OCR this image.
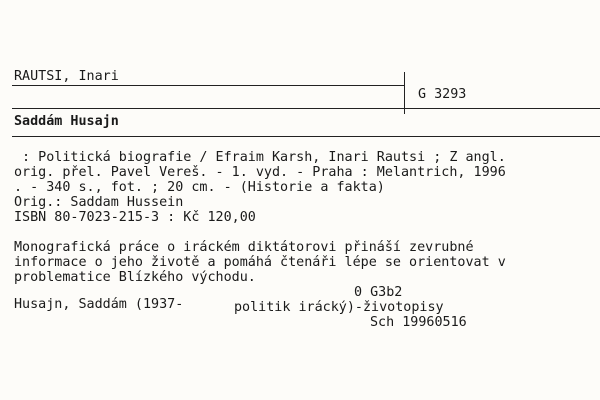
RAUTSI, Inari
G 3293
Saddám Husajn
: Politická biografie / Efraim Karsh, Inari Rautsi ; Z angl.
orig. přel. Pavel Vereš. - 1. vyd. - Praha : Melantrich, 1996
. - 340 s., fot. ; 20 cm. - (Historie a fakta)
Orig.: Saddam Hussein
ISBN 80-7023-215-3 : Kč 120,00
Monografická práce o iráckém diktátorovi přináší zevrubné
informace o jeho životě a pomáhá čtenáři lépe se orientovat v
problematice Blízkého východu.
0 G3b2
Husajn, Saddám (1937-	politik irácký)-životopisy
Sch 19960516
